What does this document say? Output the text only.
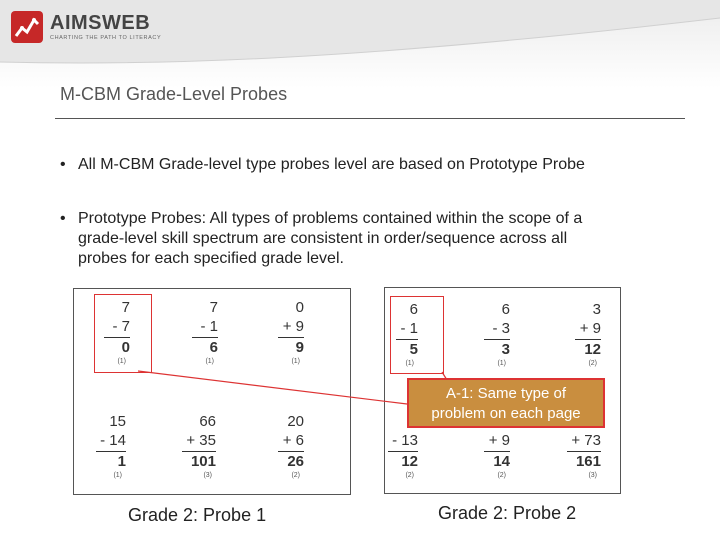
AIMSWEB
CHARTING THE PATH TO LITERACY
M-CBM Grade-Level Probes
• All M-CBM Grade-level type probes level are based on Prototype Probe
• Prototype Probes: All types of problems contained within the scope of a
grade-level skill spectrum are consistent in order/sequence across all
probes for each specified grade level.
7
- 7
0
(1)
7
- 1
6
(1)
0
+ 9
9
(1)
15
- 14
1
(1)
66
+ 35
101
(3)
20
+ 6
26
(2)
6
- 1
5
(1)
6
- 3
3
(1)
3
+ 9
12
(2)
- 13
12
(2)
+ 9
14
(2)
+ 73
161
(3)
A-1: Same type of
problem on each page
Grade 2: Probe 1	Grade 2: Probe 2
